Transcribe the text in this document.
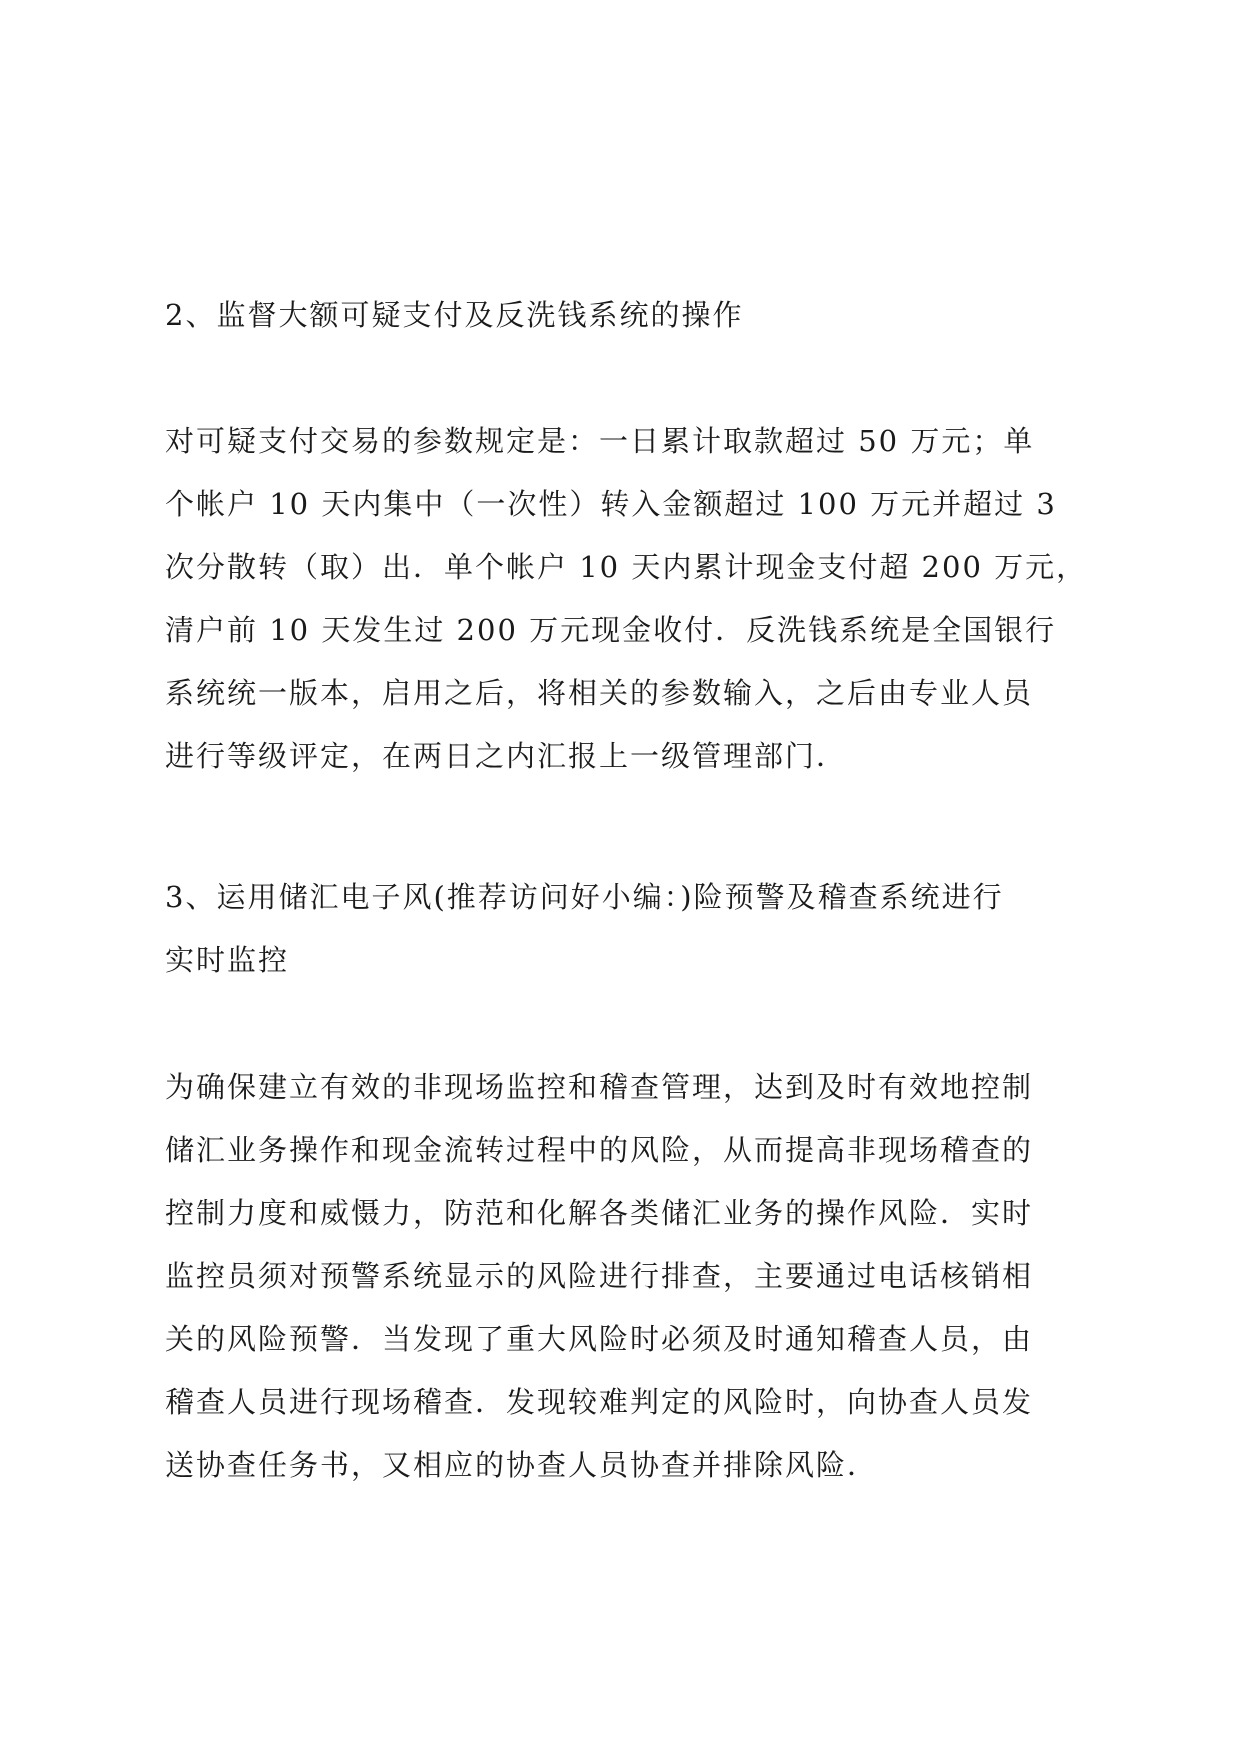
2、监督大额可疑支付及反洗钱系统的操作

对可疑支付交易的参数规定是：一日累计取款超过 50 万元；单
个帐户 10 天内集中（一次性）转入金额超过 100 万元并超过 3
次分散转（取）出．单个帐户 10 天内累计现金支付超 200 万元，
清户前 10 天发生过 200 万元现金收付．反洗钱系统是全国银行
系统统一版本，启用之后，将相关的参数输入，之后由专业人员
进行等级评定，在两日之内汇报上一级管理部门．

3、运用储汇电子风(推荐访问好小编：)险预警及稽查系统进行
实时监控

为确保建立有效的非现场监控和稽查管理，达到及时有效地控制
储汇业务操作和现金流转过程中的风险，从而提高非现场稽查的
控制力度和威慑力，防范和化解各类储汇业务的操作风险．实时
监控员须对预警系统显示的风险进行排查，主要通过电话核销相
关的风险预警．当发现了重大风险时必须及时通知稽查人员，由
稽查人员进行现场稽查．发现较难判定的风险时，向协查人员发
送协查任务书，又相应的协查人员协查并排除风险．
